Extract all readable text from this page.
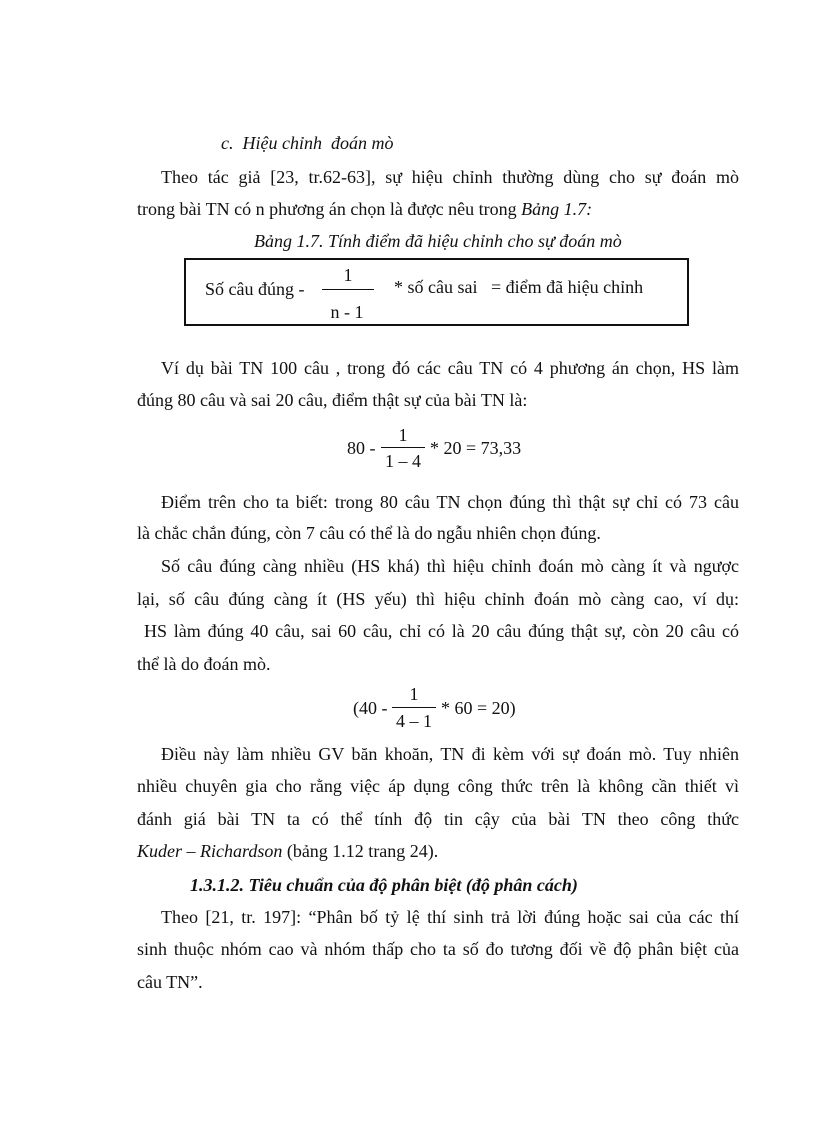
c. Hiệu chỉnh  đoán mò
Theo tác giả [23, tr.62-63], sự hiệu chỉnh thường dùng cho sự đoán mò
trong bài TN có n phương án chọn là được nêu trong Bảng 1.7:
Bảng 1.7. Tính điểm đã hiệu chỉnh cho sự đoán mò
Số câu đúng -
1
n - 1
* số câu sai   = điểm đã hiệu chỉnh
Ví dụ bài TN 100 câu , trong đó các câu TN có 4 phương án chọn, HS làm
đúng 80 câu và sai 20 câu, điểm thật sự của bài TN là:
80 -
1
1 – 4
* 20 = 73,33
Điểm trên cho ta biết: trong 80 câu TN chọn đúng thì thật sự chỉ có 73 câu
là chắc chắn đúng, còn 7 câu có thể là do ngẫu nhiên chọn đúng.
Số câu đúng càng nhiều (HS khá) thì hiệu chỉnh đoán mò càng ít và ngược
lại, số câu đúng càng ít (HS yếu) thì hiệu chỉnh đoán mò càng cao, ví dụ:
HS làm đúng 40 câu, sai 60 câu, chỉ có là 20 câu đúng thật sự, còn 20 câu có
thể là do đoán mò.
(40 -
1
4 – 1
* 60 = 20)
Điều này làm nhiều GV băn khoăn, TN đi kèm với sự đoán mò. Tuy nhiên
nhiều chuyên gia cho rằng việc áp dụng công thức trên là không cần thiết vì
đánh giá bài TN ta có thể tính độ tin cậy của bài TN theo công thức
Kuder – Richardson (bảng 1.12 trang 24).
1.3.1.2. Tiêu chuẩn của độ phân biệt (độ phân cách)
Theo [21, tr. 197]: “Phân bố tỷ lệ thí sinh trả lời đúng hoặc sai của các thí
sinh thuộc nhóm cao và nhóm thấp cho ta số đo tương đối về độ phân biệt của
câu TN”.
